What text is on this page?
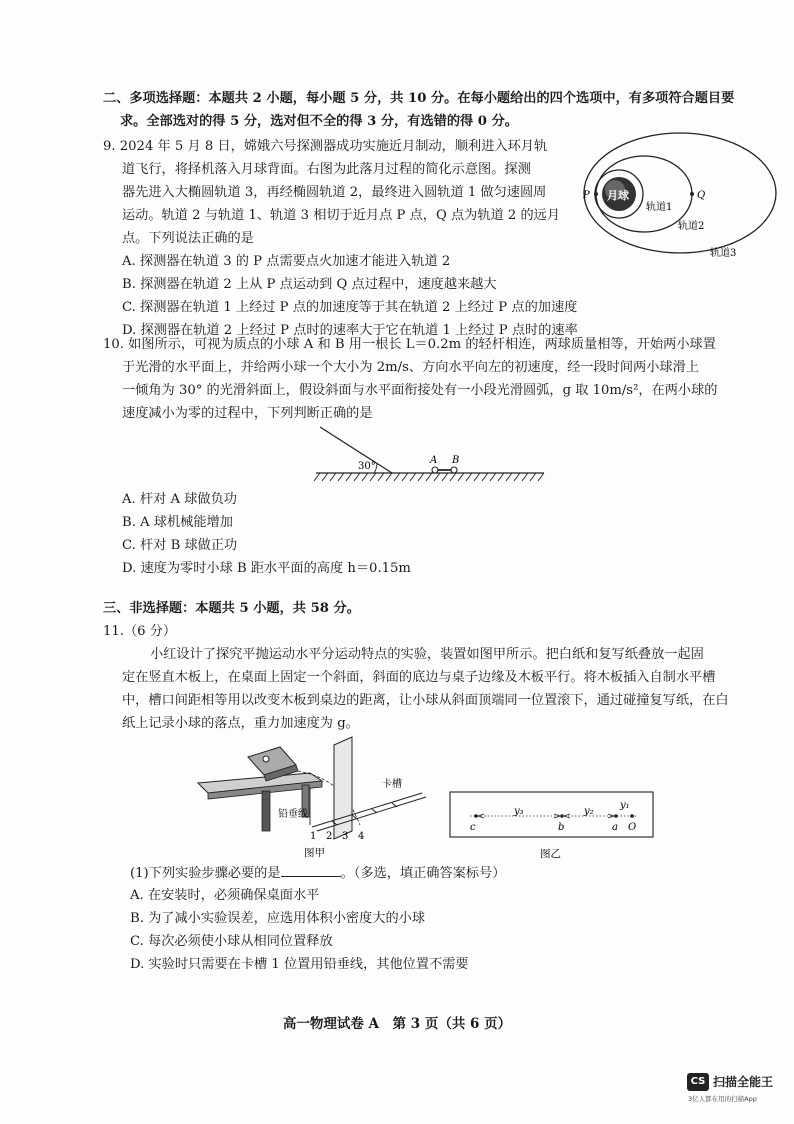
二、多项选择题：本题共 2 小题，每小题 5 分，共 10 分。在每小题给出的四个选项中，有多项符合题目要
求。全部选对的得 5 分，选对但不全的得 3 分，有选错的得 0 分。
9. 2024 年 5 月 8 日，嫦娥六号探测器成功实施近月制动，顺利进入环月轨
道飞行，将择机落入月球背面。右图为此落月过程的简化示意图。探测
器先进入大椭圆轨道 3，再经椭圆轨道 2，最终进入圆轨道 1 做匀速圆周
运动。轨道 2 与轨道 1、轨道 3 相切于近月点 P 点，Q 点为轨道 2 的远月
点。下列说法正确的是
A. 探测器在轨道 3 的 P 点需要点火加速才能进入轨道 2
B. 探测器在轨道 2 上从 P 点运动到 Q 点过程中，速度越来越大
C. 探测器在轨道 1 上经过 P 点的加速度等于其在轨道 2 上经过 P 点的加速度
D. 探测器在轨道 2 上经过 P 点时的速率大于它在轨道 1 上经过 P 点时的速率
月球
P	Q
轨道1
轨道2
轨道3
10. 如图所示，可视为质点的小球 A 和 B 用一根长 L＝0.2m 的轻杆相连，两球质量相等，开始两小球置
于光滑的水平面上，并给两小球一个大小为 2m/s、方向水平向左的初速度，经一段时间两小球滑上
一倾角为 30° 的光滑斜面上，假设斜面与水平面衔接处有一小段光滑圆弧，g 取 10m/s²，在两小球的
速度减小为零的过程中，下列判断正确的是
30°
A B
A. 杆对 A 球做负功
B. A 球机械能增加
C. 杆对 B 球做正功
D. 速度为零时小球 B 距水平面的高度 h＝0.15m
三、非选择题：本题共 5 小题，共 58 分。
11.（6 分）
小红设计了探究平抛运动水平分运动特点的实验，装置如图甲所示。把白纸和复写纸叠放一起固
定在竖直木板上，在桌面上固定一个斜面，斜面的底边与桌子边缘及木板平行。将木板插入自制水平槽
中，槽口间距相等用以改变木板到桌边的距离，让小球从斜面顶端同一位置滚下，通过碰撞复写纸，在白
纸上记录小球的落点，重力加速度为 g。
卡槽
铅垂线
1 2 3 4
图甲
c	b	a O
y₃	y₂
y₁
图乙
(1)下列实验步骤必要的是	。（多选，填正确答案标号）
A. 在安装时，必须确保桌面水平
B. 为了减小实验误差，应选用体积小密度大的小球
C. 每次必须使小球从相同位置释放
D. 实验时只需要在卡槽 1 位置用铅垂线，其他位置不需要
高一物理试卷 A　第 3 页（共 6 页）
CS 扫描全能王
3亿人都在用的扫描App
